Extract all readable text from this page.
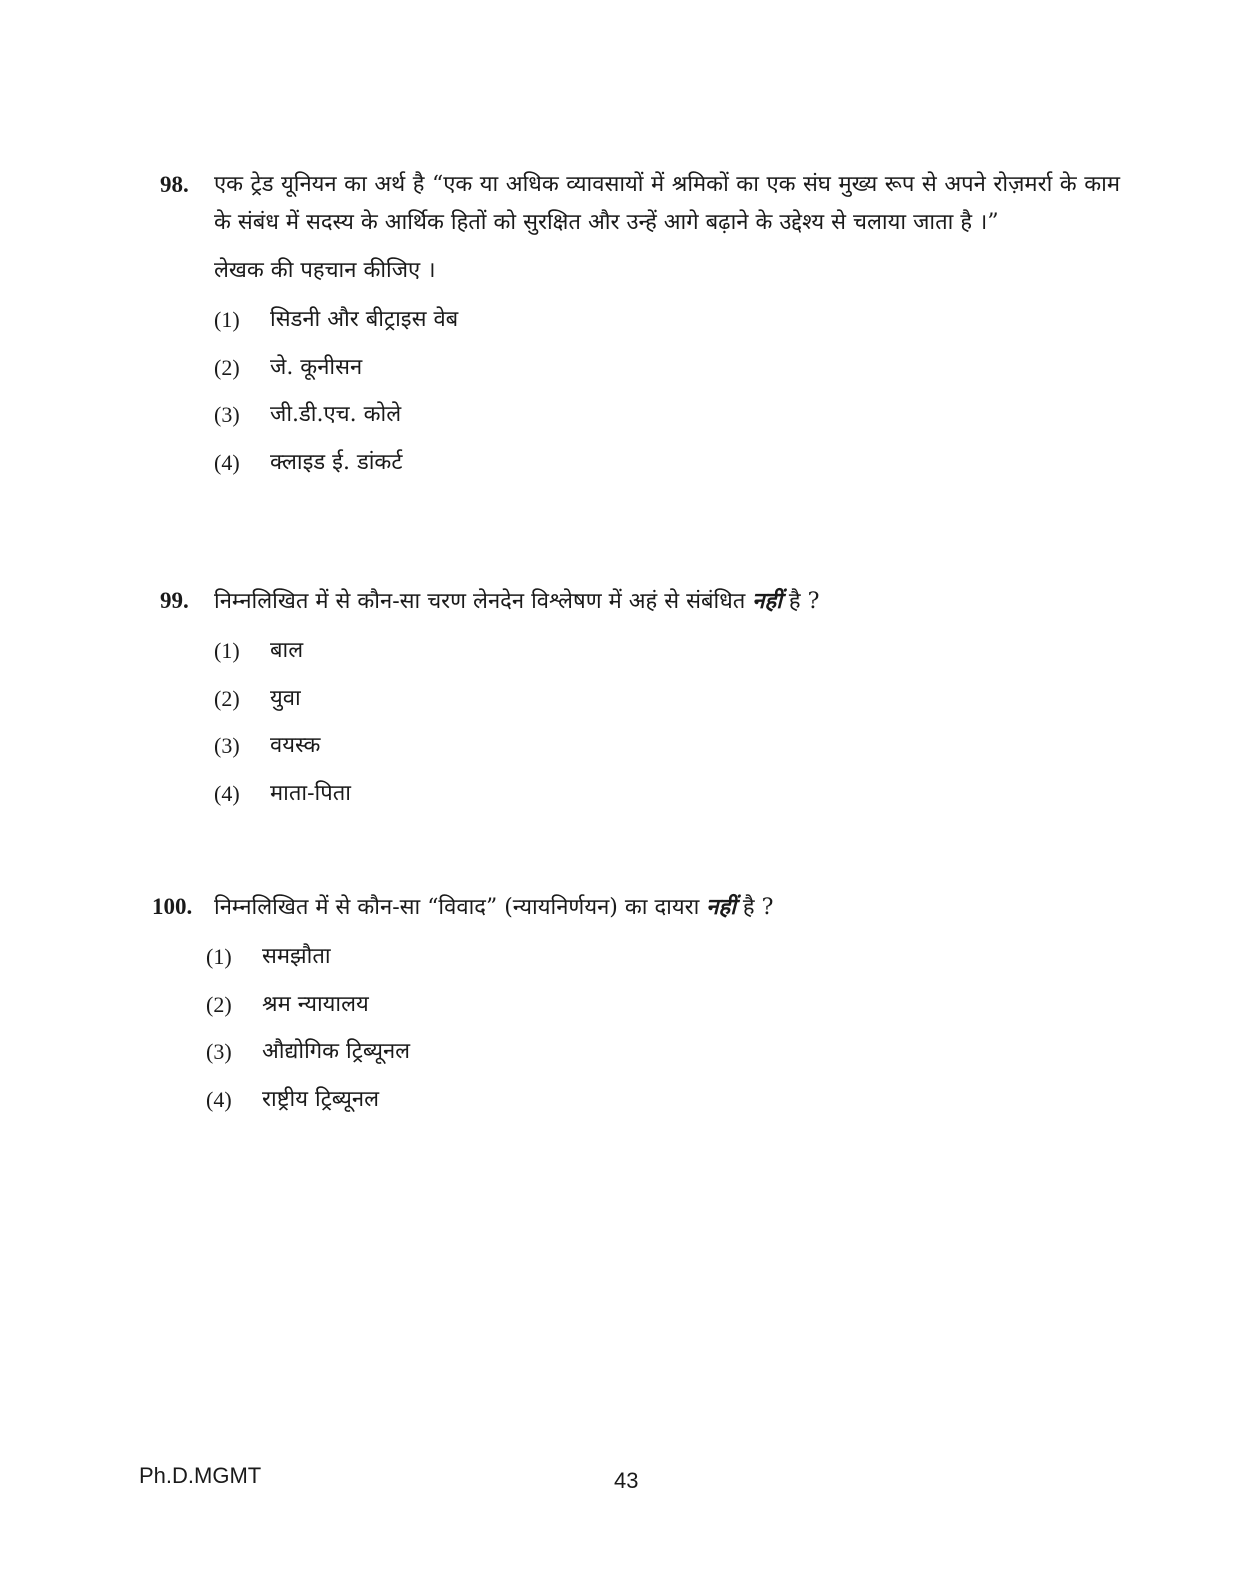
98.	एक ट्रेड यूनियन का अर्थ है “एक या अधिक व्यावसायों में श्रमिकों का एक संघ मुख्य रूप से अपने रोज़मर्रा के काम के संबंध में सदस्य के आर्थिक हितों को सुरक्षित और उन्हें आगे बढ़ाने के उद्देश्य से चलाया जाता है ।”
लेखक की पहचान कीजिए ।
(1)	सिडनी और बीट्राइस वेब
(2)	जे. कूनीसन
(3)	जी.डी.एच. कोले
(4)	क्लाइड ई. डांकर्ट
99.	निम्नलिखित में से कौन-सा चरण लेनदेन विश्लेषण में अहं से संबंधित नहीं है ?
(1)	बाल
(2)	युवा
(3)	वयस्क
(4)	माता-पिता
100. निम्नलिखित में से कौन-सा “विवाद” (न्यायनिर्णयन) का दायरा नहीं है ?
(1)	समझौता
(2)	श्रम न्यायालय
(3)	औद्योगिक ट्रिब्यूनल
(4)	राष्ट्रीय ट्रिब्यूनल
Ph.D.MGMT	43
